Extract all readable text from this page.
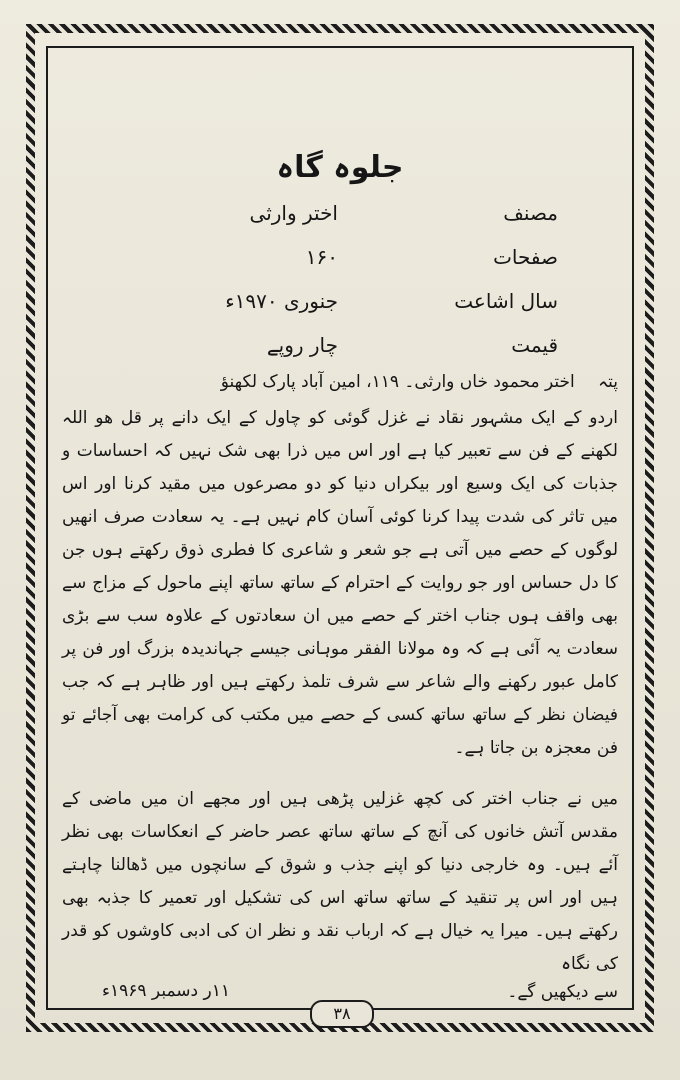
جلوہ گاہ
مصنف
اختر وارثی
صفحات
۱۶۰
سال اشاعت
جنوری ۱۹۷۰ء
قیمت
چار روپے
پتہ اختر محمود خاں وارثی۔ ۱۱۹، امین آباد پارک لکھنؤ

اردو کے ایک مشہور نقاد نے غزل گوئی کو چاول کے ایک دانے پر قل ھو اللہ لکھنے کے فن سے تعبیر کیا ہے اور اس میں ذرا بھی شک نہیں کہ احساسات و جذبات کی ایک وسیع اور بیکراں دنیا کو دو مصرعوں میں مقید کرنا اور اس میں تاثر کی شدت پیدا کرنا کوئی آسان کام نہیں ہے۔ یہ سعادت صرف انھیں لوگوں کے حصے میں آتی ہے جو شعر و شاعری کا فطری ذوق رکھتے ہوں جن کا دل حساس اور جو روایت کے احترام کے ساتھ ساتھ اپنے ماحول کے مزاج سے بھی واقف ہوں جناب اختر کے حصے میں ان سعادتوں کے علاوہ سب سے بڑی سعادت یہ آئی ہے کہ وہ مولانا الفقر موہانی جیسے جہاندیدہ بزرگ اور فن پر کامل عبور رکھنے والے شاعر سے شرف تلمذ رکھتے ہیں اور ظاہر ہے کہ جب فیضان نظر کے ساتھ ساتھ کسی کے حصے میں مکتب کی کرامت بھی آجائے تو فن معجزہ بن جاتا ہے۔

میں نے جناب اختر کی کچھ غزلیں پڑھی ہیں اور مجھے ان میں ماضی کے مقدس آتش خانوں کی آنچ کے ساتھ ساتھ عصر حاضر کے انعکاسات بھی نظر آئے ہیں۔ وہ خارجی دنیا کو اپنے جذب و شوق کے سانچوں میں ڈھالنا چاہتے ہیں اور اس پر تنقید کے ساتھ ساتھ اس کی تشکیل اور تعمیر کا جذبہ بھی رکھتے ہیں۔ میرا یہ خیال ہے کہ ارباب نقد و نظر ان کی ادبی کاوشوں کو قدر کی نگاہ

سے دیکھیں گے۔
۱۱ر دسمبر ۱۹۶۹ء
۳۸
